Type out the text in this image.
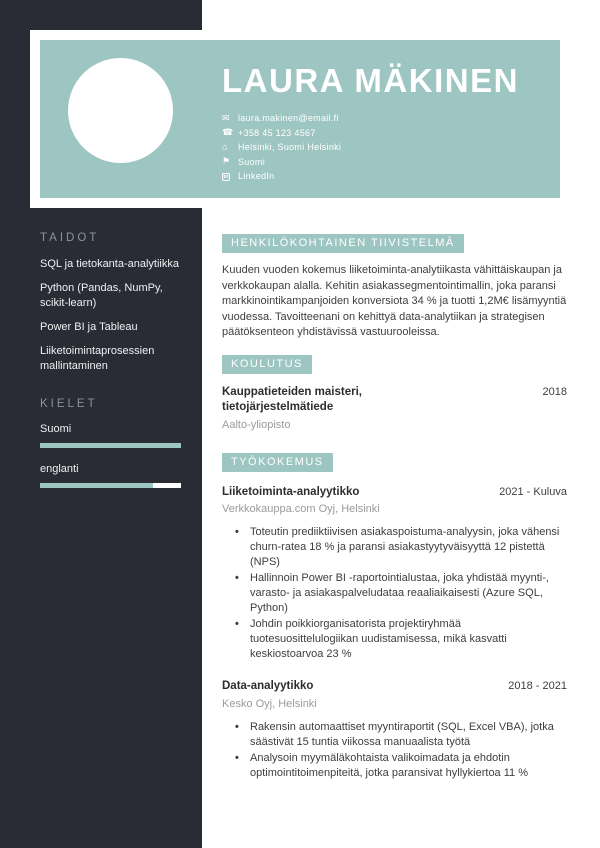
TAIDOT
SQL ja tietokanta-analytiikka
Python (Pandas, NumPy, scikit-learn)
Power BI ja Tableau
Liiketoimintaprosessien mallintaminen
KIELET
Suomi
englanti
LAURA MÄKINEN
✉ laura.makinen@email.fi
☎ +358 45 123 4567
⌂	Helsinki, Suomi Helsinki
⚑ Suomi
in	LinkedIn
HENKILÖKOHTAINEN TIIVISTELMÄ

Kuuden vuoden kokemus liiketoiminta-analytiikasta vähittäiskaupan ja verkkokaupan alalla. Kehitin asiakassegmentointimallin, joka paransi markkinointikampanjoiden konversiota 34 % ja tuotti 1,2M€ lisämyyntiä vuodessa. Tavoitteenani on kehittyä data-analytiikan ja strategisen päätöksenteon yhdistävissä vastuurooleissa.

KOULUTUS
Kauppatieteiden maisteri, tietojärjestelmätiede
2018
Aalto-yliopisto
TYÖKOKEMUS
Liiketoiminta-analyytikko	2021 - Kuluva
Verkkokauppa.com Oyj, Helsinki
•	Toteutin prediiktiivisen asiakaspoistuma-analyysin, joka vähensi churn-ratea 18 % ja paransi asiakastyytyväisyyttä 12 pistettä (NPS)
•	Hallinnoin Power BI -raportointialustaa, joka yhdistää myynti-, varasto- ja asiakaspalveludataa reaaliaikaisesti (Azure SQL, Python)
•	Johdin poikkiorganisatorista projektiryhmää tuotesuosittelulogiikan uudistamisessa, mikä kasvatti keskiostoarvoa 23 %
Data-analyytikko	2018 - 2021
Kesko Oyj, Helsinki
•	Rakensin automaattiset myyntiraportit (SQL, Excel VBA), jotka säästivät 15 tuntia viikossa manuaalista työtä
•	Analysoin myymäläkohtaista valikoimadata ja ehdotin optimointitoimenpiteitä, jotka paransivat hyllykiertoa 11 %
